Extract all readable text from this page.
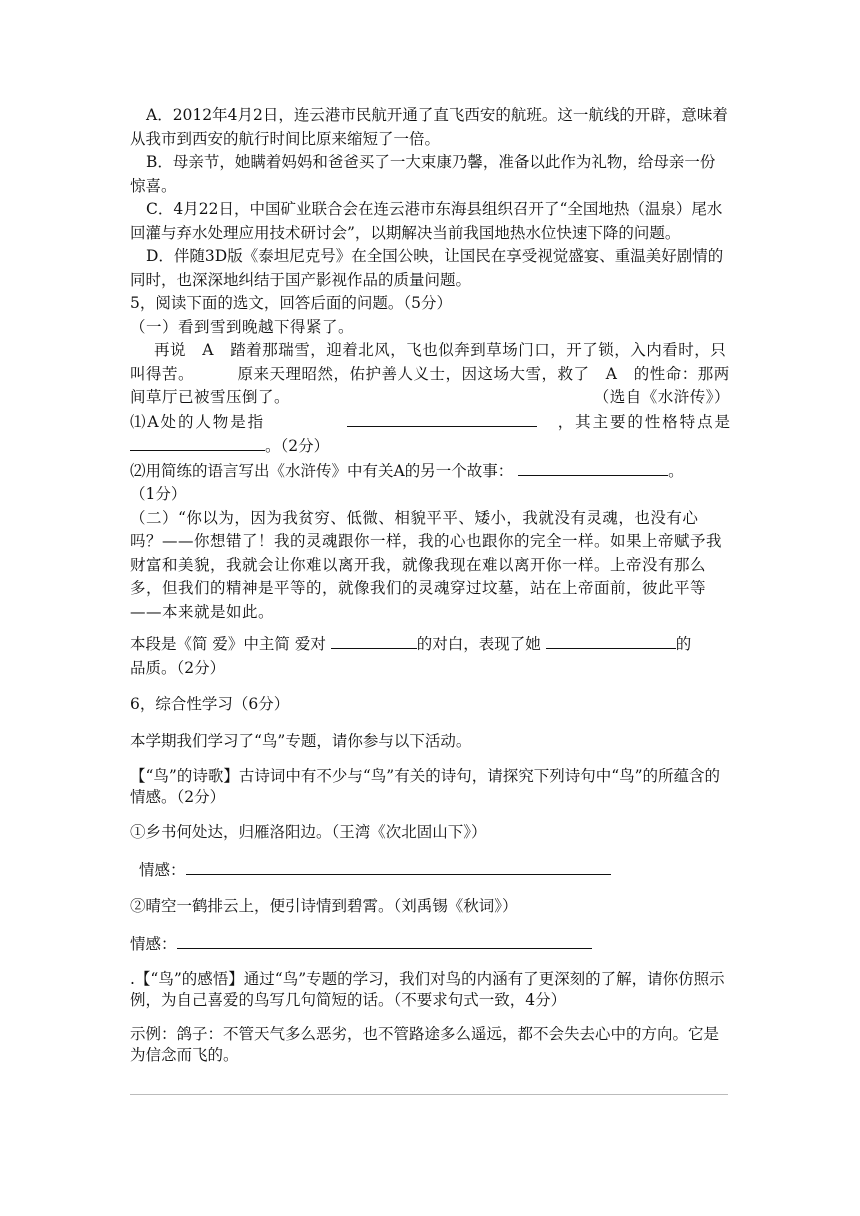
A．2012年4月2日，连云港市民航开通了直飞西安的航班。这一航线的开辟，意味着从我市到西安的航行时间比原来缩短了一倍。

B．母亲节，她瞒着妈妈和爸爸买了一大束康乃馨，准备以此作为礼物，给母亲一份惊喜。

C．4月22日，中国矿业联合会在连云港市东海县组织召开了“全国地热（温泉）尾水回灌与弃水处理应用技术研讨会”，以期解决当前我国地热水位快速下降的问题。

D．伴随3D版《泰坦尼克号》在全国公映，让国民在享受视觉盛宴、重温美好剧情的同时，也深深地纠结于国产影视作品的质量问题。

5，阅读下面的选文，回答后面的问题。（5分）

（一）看到雪到晚越下得紧了。

再说 A 踏着那瑞雪，迎着北风，飞也似奔到草场门口，开了锁，入内看时，只叫得苦。	原来天理昭然，佑护善人义士，因这场大雪，救了 A 的性命：那两间草厅已被雪压倒了。	（选自《水浒传》）

⑴A处的人物是指	，其主要的性格特点是。（2分）

⑵用简练的语言写出《水浒传》中有关A的另一个故事：	。
（1分）

（二）“你以为，因为我贫穷、低微、相貌平平、矮小，我就没有灵魂，也没有心吗？——你想错了！我的灵魂跟你一样，我的心也跟你的完全一样。如果上帝赋予我财富和美貌，我就会让你难以离开我，就像我现在难以离开你一样。上帝没有那么多，但我们的精神是平等的，就像我们的灵魂穿过坟墓，站在上帝面前，彼此平等——本来就是如此。

本段是《简 爱》中主简 爱对	的对白，表现了她	的
品质。（2分）

6，综合性学习（6分）

本学期我们学习了“鸟”专题，请你参与以下活动。

【“鸟”的诗歌】古诗词中有不少与“鸟”有关的诗句，请探究下列诗句中“鸟”的所蕴含的情感。（2分）

①乡书何处达，归雁洛阳边。（王湾《次北固山下》）

情感：

②晴空一鹤排云上，便引诗情到碧霄。（刘禹锡《秋词》）

情感：

.【“鸟”的感悟】通过“鸟”专题的学习，我们对鸟的内涵有了更深刻的了解，请你仿照示例，为自己喜爱的鸟写几句简短的话。（不要求句式一致，4分）

示例：鸽子：不管天气多么恶劣，也不管路途多么遥远，都不会失去心中的方向。它是为信念而飞的。
